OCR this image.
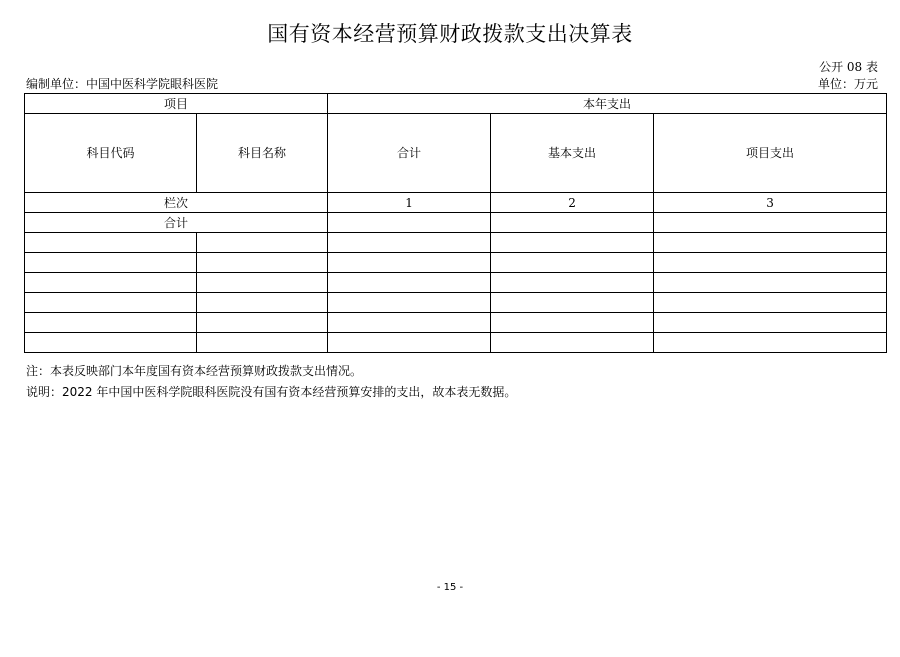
国有资本经营预算财政拨款支出决算表
公开 08 表
编制单位：中国中医科学院眼科医院	单位：万元
项目		本年支出		
科目代码	科目名称	合计	基本支出	项目支出
栏次		1	2	3
合计				

注：本表反映部门本年度国有资本经营预算财政拨款支出情况。
说明：2022 年中国中医科学院眼科医院没有国有资本经营预算安排的支出，故本表无数据。
- 15 -
